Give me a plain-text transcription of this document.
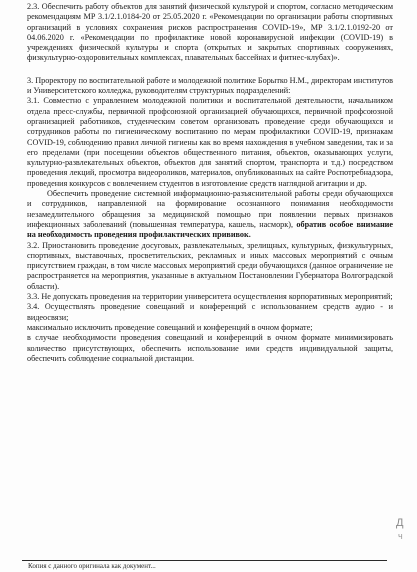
2.3. Обеспечить работу объектов для занятий физической культурой и спортом, согласно методическим рекомендациям МР 3.1/2.1.0184-20 от 25.05.2020 г. «Рекомендации по организации работы спортивных организаций в условиях сохранения рисков распространения COVID-19», МР 3.1/2.1.0192-20 от 04.06.2020 г. «Рекомендации по профилактике новой коронавирусной инфекции (COVID-19) в учреждениях физической культуры и спорта (открытых и закрытых спортивных сооружениях, физкультурно-оздоровительных комплексах, плавательных бассейнах и фитнес-клубах)».

3. Проректору по воспитательной работе и молодежной политике Борытко Н.М., директорам институтов и Университетского колледжа, руководителям структурных подразделений:

3.1. Совместно с управлением молодежной политики и воспитательной деятельности, начальником отдела пресс-службы, первичной профсоюзной организацией обучающихся, первичной профсоюзной организацией работников, студенческим советом организовать проведение среди обучающихся и сотрудников работы по гигиеническому воспитанию по мерам профилактики COVID-19, признакам COVID-19, соблюдению правил личной гигиены как во время нахождения в учебном заведении, так и за его пределами (при посещении объектов общественного питания, объектов, оказывающих услуги, культурно-развлекательных объектов, объектов для занятий спортом, транспорта и т.д.) посредством проведения лекций, просмотра видеороликов, материалов, опубликованных на сайте Роспотребнадзора, проведения конкурсов с вовлечением студентов в изготовление средств наглядной агитации и др.

Обеспечить проведение системной информационно-разъяснительной работы среди обучающихся и сотрудников, направленной на формирование осознанного понимания необходимости незамедлительного обращения за медицинской помощью при появлении первых признаков инфекционных заболеваний (повышенная температура, кашель, насморк), обратив особое внимание на необходимость проведения профилактических прививок.

3.2. Приостановить проведение досуговых, развлекательных, зрелищных, культурных, физкультурных, спортивных, выставочных, просветительских, рекламных и иных массовых мероприятий с очным присутствием граждан, в том числе массовых мероприятий среди обучающихся (данное ограничение не распространяется на мероприятия, указанные в актуальном Постановлении Губернатора Волгоградской области).

3.3. Не допускать проведения на территории университета осуществления корпоративных мероприятий;

3.4. Осуществлять проведение совещаний и конференций с использованием средств аудио - и видеосвязи;

максимально исключить проведение совещаний и конференций в очном формате;

в случае необходимости проведения совещаний и конференций в очном формате минимизировать количество присутствующих, обеспечить использование ими средств индивидуальной защиты, обеспечить соблюдение социальной дистанции.

Д
ч
Копия с данного оригинала как документ...
